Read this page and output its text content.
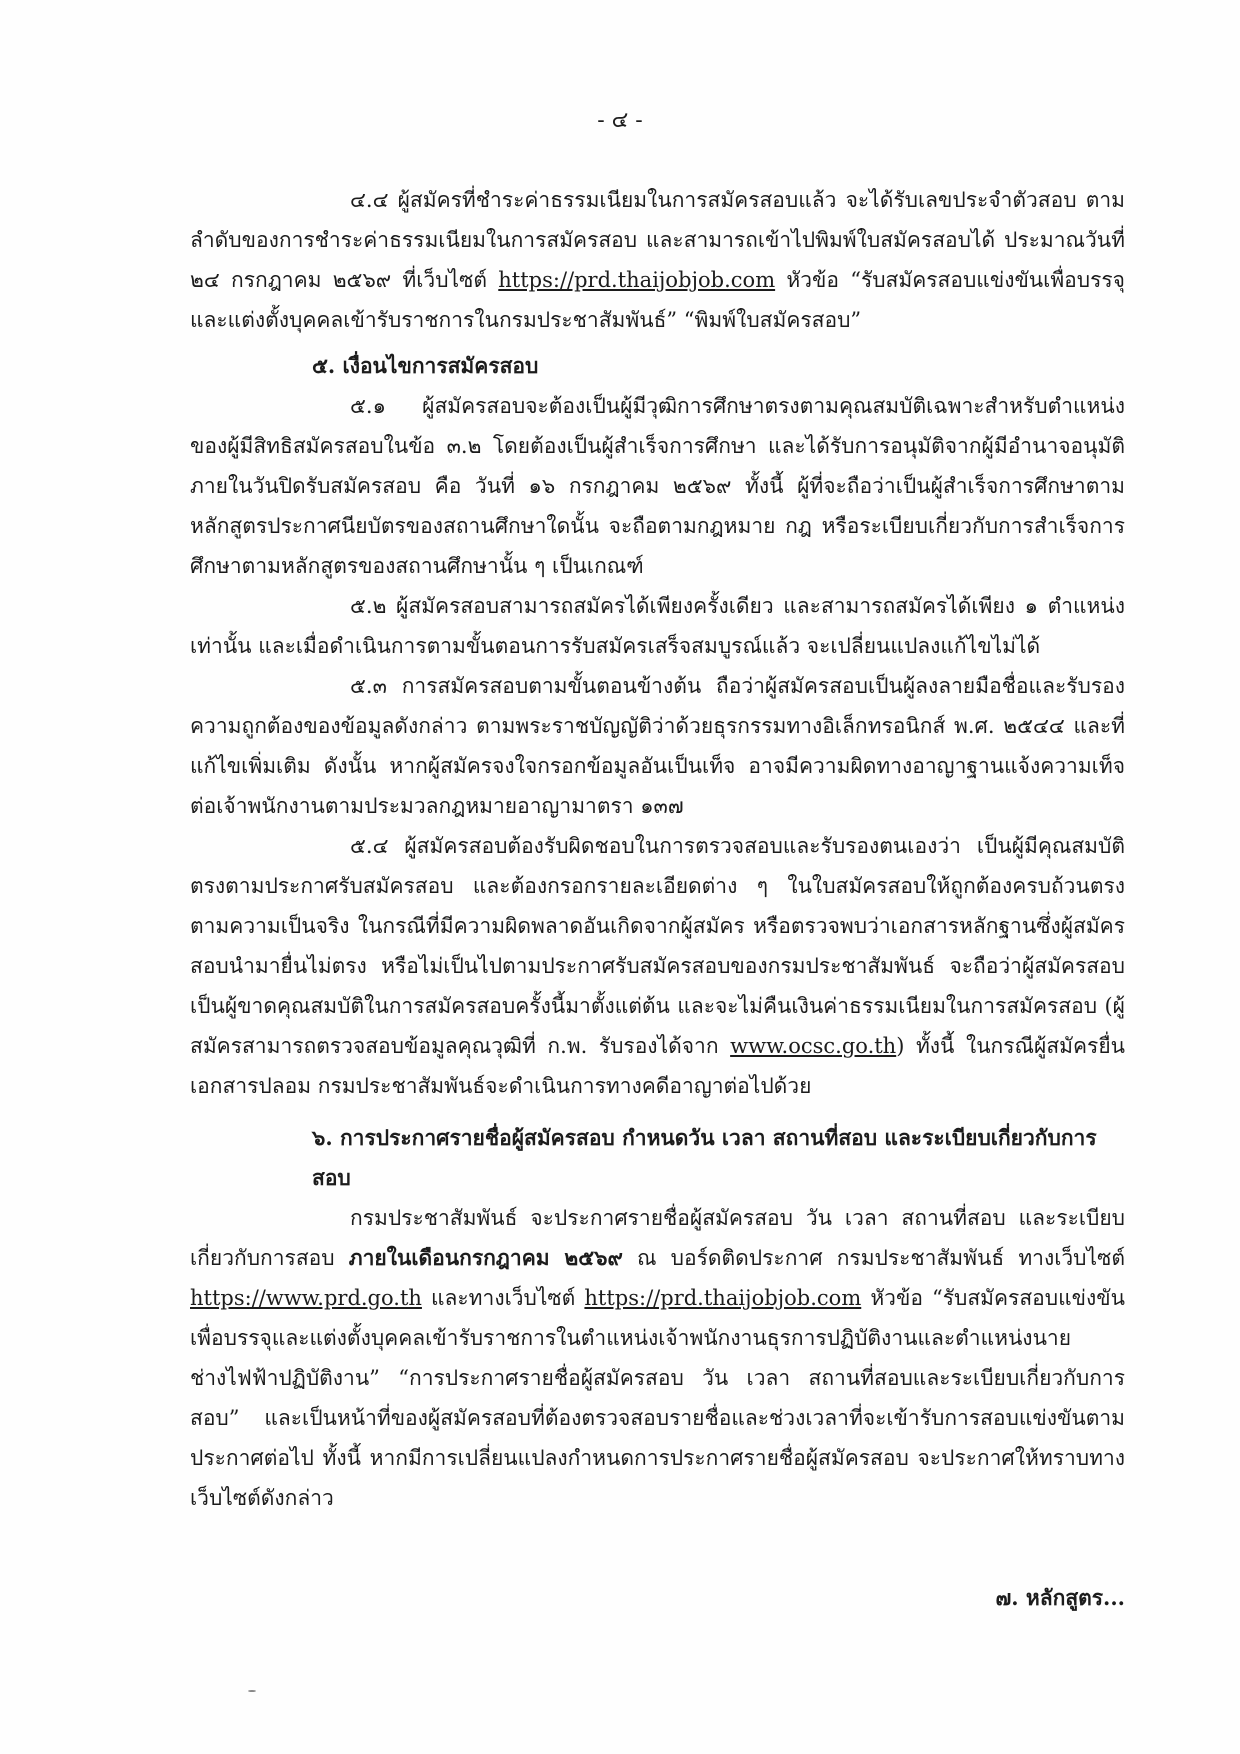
- ๔ -

๔.๔ ผู้สมัครที่ชำระค่าธรรมเนียมในการสมัครสอบแล้ว จะได้รับเลขประจำตัวสอบ ตามลำดับของการชำระค่าธรรมเนียมในการสมัครสอบ และสามารถเข้าไปพิมพ์ใบสมัครสอบได้ ประมาณวันที่ ๒๔ กรกฎาคม ๒๕๖๙ ที่เว็บไซต์ https://prd.thaijobjob.com หัวข้อ “รับสมัครสอบแข่งขันเพื่อบรรจุและแต่งตั้งบุคคลเข้ารับราชการในกรมประชาสัมพันธ์” “พิมพ์ใบสมัครสอบ”

๕. เงื่อนไขการสมัครสอบ

๕.๑ ผู้สมัครสอบจะต้องเป็นผู้มีวุฒิการศึกษาตรงตามคุณสมบัติเฉพาะสำหรับตำแหน่งของผู้มีสิทธิสมัครสอบในข้อ ๓.๒ โดยต้องเป็นผู้สำเร็จการศึกษา และได้รับการอนุมัติจากผู้มีอำนาจอนุมัติภายในวันปิดรับสมัครสอบ คือ วันที่ ๑๖ กรกฎาคม ๒๕๖๙ ทั้งนี้ ผู้ที่จะถือว่าเป็นผู้สำเร็จการศึกษาตามหลักสูตรประกาศนียบัตรของสถานศึกษาใดนั้น จะถือตามกฎหมาย กฎ หรือระเบียบเกี่ยวกับการสำเร็จการศึกษาตามหลักสูตรของสถานศึกษานั้น ๆ เป็นเกณฑ์

๕.๒ ผู้สมัครสอบสามารถสมัครได้เพียงครั้งเดียว และสามารถสมัครได้เพียง ๑ ตำแหน่งเท่านั้น และเมื่อดำเนินการตามขั้นตอนการรับสมัครเสร็จสมบูรณ์แล้ว จะเปลี่ยนแปลงแก้ไขไม่ได้

๕.๓ การสมัครสอบตามขั้นตอนข้างต้น ถือว่าผู้สมัครสอบเป็นผู้ลงลายมือชื่อและรับรองความถูกต้องของข้อมูลดังกล่าว ตามพระราชบัญญัติว่าด้วยธุรกรรมทางอิเล็กทรอนิกส์ พ.ศ. ๒๕๔๔ และที่แก้ไขเพิ่มเติม ดังนั้น หากผู้สมัครจงใจกรอกข้อมูลอันเป็นเท็จ อาจมีความผิดทางอาญาฐานแจ้งความเท็จต่อเจ้าพนักงานตามประมวลกฎหมายอาญามาตรา ๑๓๗

๕.๔ ผู้สมัครสอบต้องรับผิดชอบในการตรวจสอบและรับรองตนเองว่า เป็นผู้มีคุณสมบัติตรงตามประกาศรับสมัครสอบ และต้องกรอกรายละเอียดต่าง ๆ ในใบสมัครสอบให้ถูกต้องครบถ้วนตรงตามความเป็นจริง ในกรณีที่มีความผิดพลาดอันเกิดจากผู้สมัคร หรือตรวจพบว่าเอกสารหลักฐานซึ่งผู้สมัครสอบนำมายื่นไม่ตรง หรือไม่เป็นไปตามประกาศรับสมัครสอบของกรมประชาสัมพันธ์ จะถือว่าผู้สมัครสอบเป็นผู้ขาดคุณสมบัติในการสมัครสอบครั้งนี้มาตั้งแต่ต้น และจะไม่คืนเงินค่าธรรมเนียมในการสมัครสอบ (ผู้สมัครสามารถตรวจสอบข้อมูลคุณวุฒิที่ ก.พ. รับรองได้จาก www.ocsc.go.th) ทั้งนี้ ในกรณีผู้สมัครยื่นเอกสารปลอม กรมประชาสัมพันธ์จะดำเนินการทางคดีอาญาต่อไปด้วย

๖. การประกาศรายชื่อผู้สมัครสอบ กำหนดวัน เวลา สถานที่สอบ และระเบียบเกี่ยวกับการสอบ

กรมประชาสัมพันธ์ จะประกาศรายชื่อผู้สมัครสอบ วัน เวลา สถานที่สอบ และระเบียบเกี่ยวกับการสอบ ภายในเดือนกรกฎาคม ๒๕๖๙ ณ บอร์ดติดประกาศ กรมประชาสัมพันธ์ ทางเว็บไซต์ https://www.prd.go.th และทางเว็บไซต์ https://prd.thaijobjob.com หัวข้อ “รับสมัครสอบแข่งขันเพื่อบรรจุและแต่งตั้งบุคคลเข้ารับราชการในตำแหน่งเจ้าพนักงานธุรการปฏิบัติงานและตำแหน่งนายช่างไฟฟ้าปฏิบัติงาน” “การประกาศรายชื่อผู้สมัครสอบ วัน เวลา สถานที่สอบและระเบียบเกี่ยวกับการสอบ” และเป็นหน้าที่ของผู้สมัครสอบที่ต้องตรวจสอบรายชื่อและช่วงเวลาที่จะเข้ารับการสอบแข่งขันตามประกาศต่อไป ทั้งนี้ หากมีการเปลี่ยนแปลงกำหนดการประกาศรายชื่อผู้สมัครสอบ จะประกาศให้ทราบทางเว็บไซต์ดังกล่าว

๗. หลักสูตร...
